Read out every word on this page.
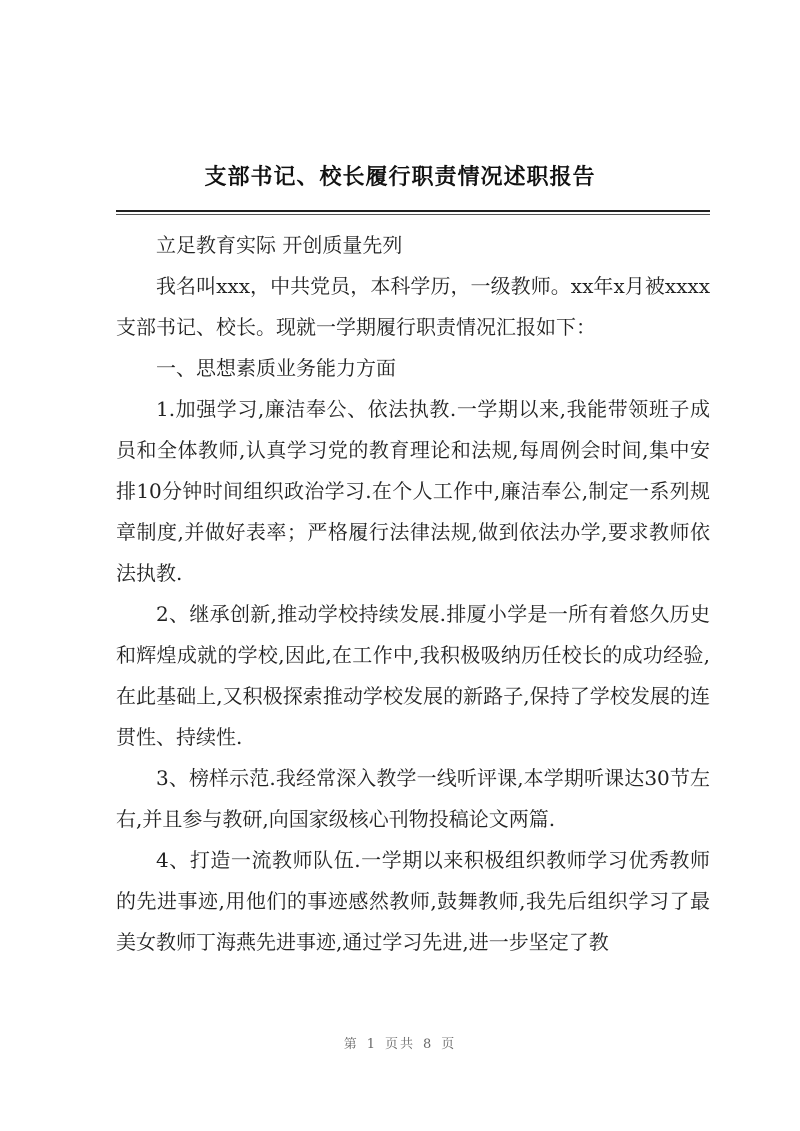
支部书记、校长履行职责情况述职报告

立足教育实际 开创质量先列

我名叫xxx，中共党员，本科学历，一级教师。xx年x月被xxxx支部书记、校长。现就一学期履行职责情况汇报如下：

一、思想素质业务能力方面

1.加强学习,廉洁奉公、依法执教.一学期以来,我能带领班子成员和全体教师,认真学习党的教育理论和法规,每周例会时间,集中安排10分钟时间组织政治学习.在个人工作中,廉洁奉公,制定一系列规章制度,并做好表率；严格履行法律法规,做到依法办学,要求教师依法执教.

2、继承创新,推动学校持续发展.排厦小学是一所有着悠久历史和辉煌成就的学校,因此,在工作中,我积极吸纳历任校长的成功经验,在此基础上,又积极探索推动学校发展的新路子,保持了学校发展的连贯性、持续性.

3、榜样示范.我经常深入教学一线听评课,本学期听课达30节左右,并且参与教研,向国家级核心刊物投稿论文两篇.

4、打造一流教师队伍.一学期以来积极组织教师学习优秀教师的先进事迹,用他们的事迹感然教师,鼓舞教师,我先后组织学习了最美女教师丁海燕先进事迹,通过学习先进,进一步坚定了教

第 1 页共 8 页
